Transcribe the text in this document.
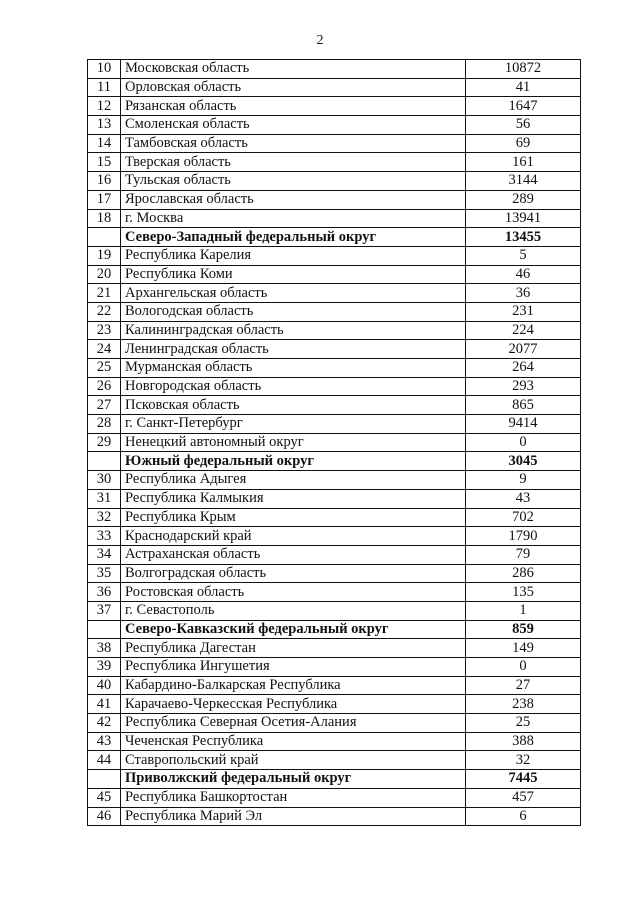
2
10	Московская область	10872
11	Орловская область	41
12	Рязанская область	1647
13	Смоленская область	56
14	Тамбовская область	69
15	Тверская область	161
16	Тульская область	3144
17	Ярославская область	289
18	г. Москва	13941
	Северо-Западный федеральный округ	13455
19	Республика Карелия	5
20	Республика Коми	46
21	Архангельская область	36
22	Вологодская область	231
23	Калининградская область	224
24	Ленинградская область	2077
25	Мурманская область	264
26	Новгородская область	293
27	Псковская область	865
28	г. Санкт-Петербург	9414
29	Ненецкий автономный округ	0
	Южный федеральный округ	3045
30	Республика Адыгея	9
31	Республика Калмыкия	43
32	Республика Крым	702
33	Краснодарский край	1790
34	Астраханская область	79
35	Волгоградская область	286
36	Ростовская область	135
37	г. Севастополь	1
	Северо-Кавказский федеральный округ	859
38	Республика Дагестан	149
39	Республика Ингушетия	0
40	Кабардино-Балкарская Республика	27
41	Карачаево-Черкесская Республика	238
42	Республика Северная Осетия-Алания	25
43	Чеченская Республика	388
44	Ставропольский край	32
	Приволжский федеральный округ	7445
45	Республика Башкортостан	457
46	Республика Марий Эл	6
